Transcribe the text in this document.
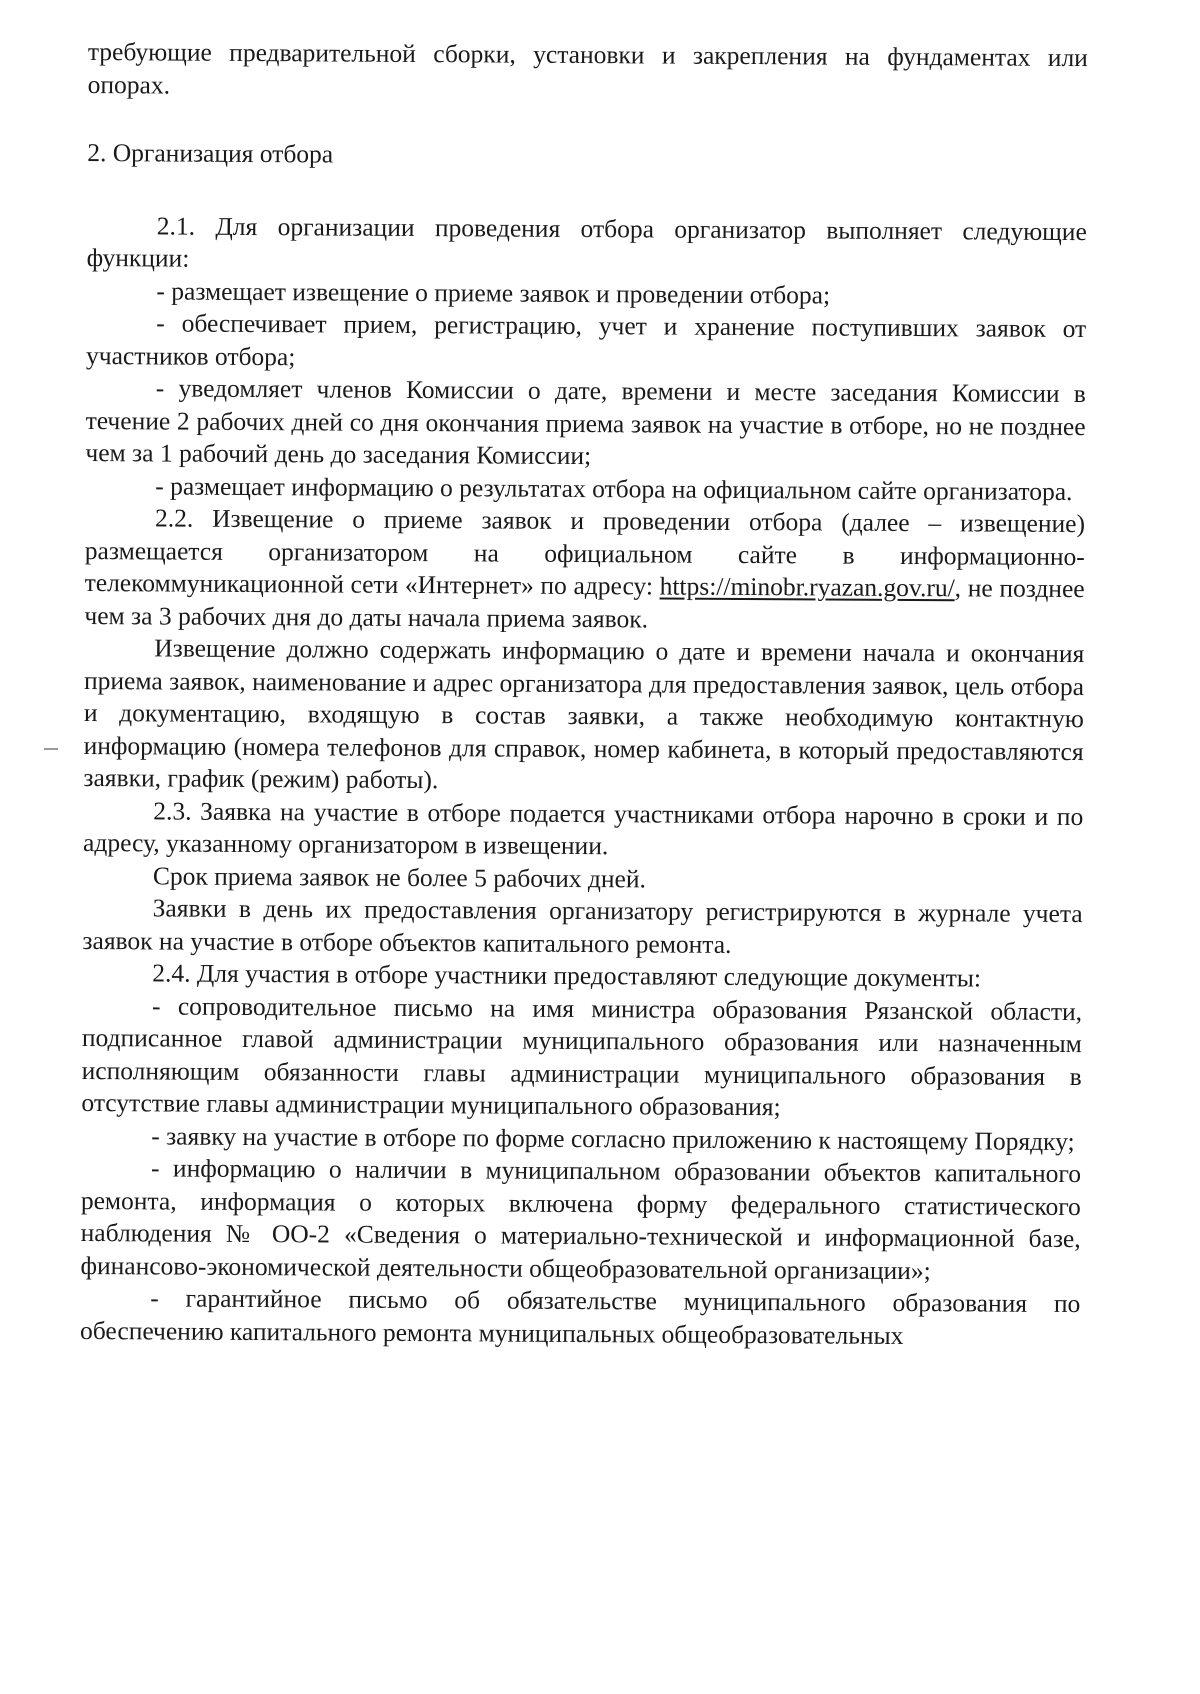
требующие предварительной сборки, установки и закрепления на фундаментах или опорах.

2. Организация отбора

2.1. Для организации проведения отбора организатор выполняет следующие функции:

- размещает извещение о приеме заявок и проведении отбора;

- обеспечивает прием, регистрацию, учет и хранение поступивших заявок от участников отбора;

- уведомляет членов Комиссии о дате, времени и месте заседания Комиссии в течение 2 рабочих дней со дня окончания приема заявок на участие в отборе, но не позднее чем за 1 рабочий день до заседания Комиссии;

- размещает информацию о результатах отбора на официальном сайте организатора.

2.2. Извещение о приеме заявок и проведении отбора (далее – извещение) размещается организатором на официальном сайте в информационно-телекоммуникационной сети «Интернет» по адресу: https://minobr.ryazan.gov.ru/, не позднее чем за 3 рабочих дня до даты начала приема заявок.

Извещение должно содержать информацию о дате и времени начала и окончания приема заявок, наименование и адрес организатора для предоставления заявок, цель отбора и документацию, входящую в состав заявки, а также необходимую контактную информацию (номера телефонов для справок, номер кабинета, в который предоставляются заявки, график (режим) работы).

2.3. Заявка на участие в отборе подается участниками отбора нарочно в сроки и по адресу, указанному организатором в извещении.

Срок приема заявок не более 5 рабочих дней.

Заявки в день их предоставления организатору регистрируются в журнале учета заявок на участие в отборе объектов капитального ремонта.

2.4. Для участия в отборе участники предоставляют следующие документы:

- сопроводительное письмо на имя министра образования Рязанской области, подписанное главой администрации муниципального образования или назначенным исполняющим обязанности главы администрации муниципального образования в отсутствие главы администрации муниципального образования;

- заявку на участие в отборе по форме согласно приложению к настоящему Порядку;

- информацию о наличии в муниципальном образовании объектов капитального ремонта, информация о которых включена форму федерального статистического наблюдения № ОО-2 «Сведения о материально-технической и информационной базе, финансово-экономической деятельности общеобразовательной организации»;

- гарантийное письмо об обязательстве муниципального образования по обеспечению капитального ремонта муниципальных общеобразовательных
